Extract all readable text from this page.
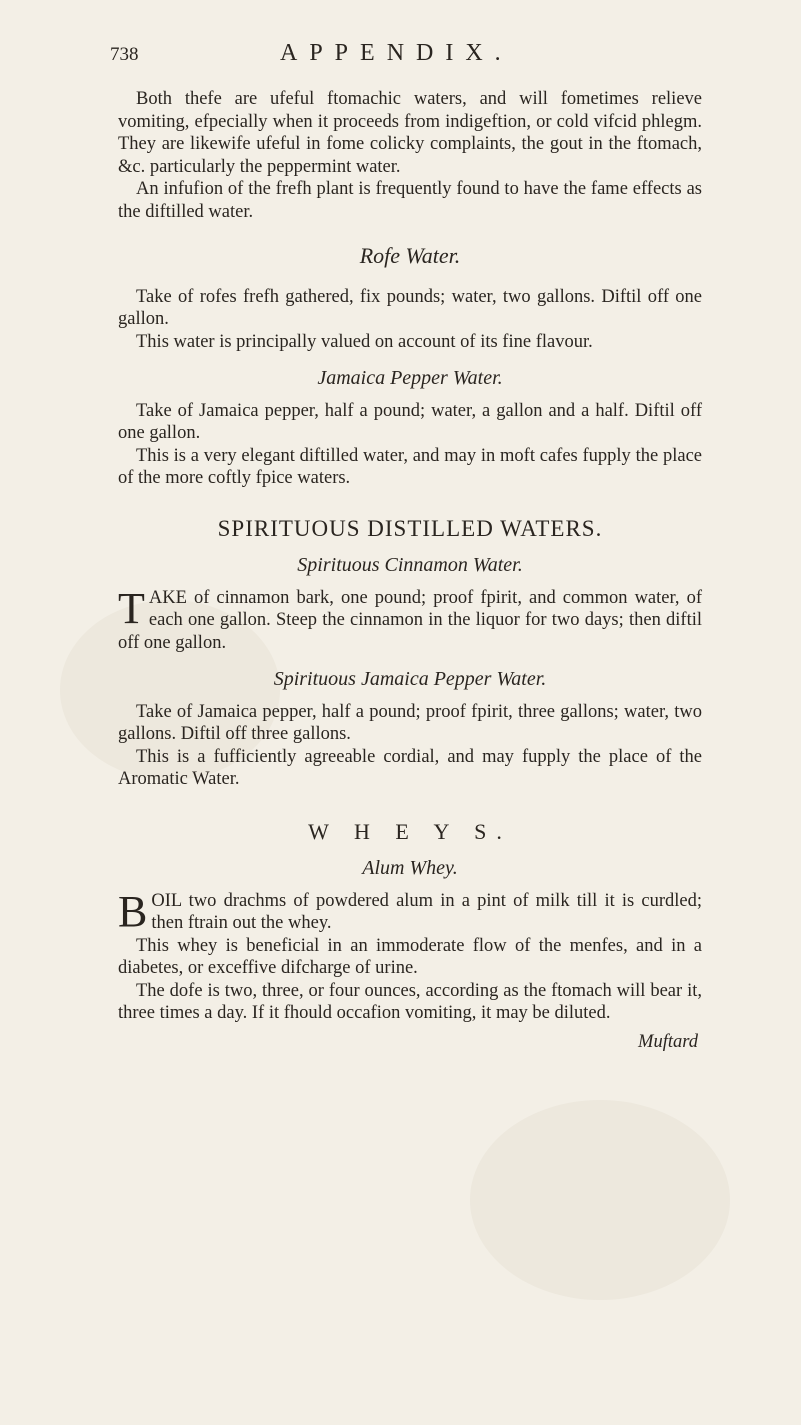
738	APPENDIX.

Both thefe are ufeful ftomachic waters, and will fometimes relieve vomiting, efpecially when it proceeds from indigeftion, or cold vifcid phlegm. They are likewife ufeful in fome colicky complaints, the gout in the ftomach, &c. particularly the peppermint water.

An infufion of the frefh plant is frequently found to have the fame effects as the diftilled water.

Rofe Water.

Take of rofes frefh gathered, fix pounds; water, two gallons. Diftil off one gallon.

This water is principally valued on account of its fine flavour.

Jamaica Pepper Water.

Take of Jamaica pepper, half a pound; water, a gallon and a half. Diftil off one gallon.

This is a very elegant diftilled water, and may in moft cafes fupply the place of the more coftly fpice waters.

SPIRITUOUS DISTILLED WATERS.
Spirituous Cinnamon Water.

T AKE of cinnamon bark, one pound; proof fpirit, and common water, of each one gallon. Steep the cinnamon in the liquor for two days; then diftil off one gallon.

Spirituous Jamaica Pepper Water.

Take of Jamaica pepper, half a pound; proof fpirit, three gallons; water, two gallons. Diftil off three gallons.

This is a fufficiently agreeable cordial, and may fupply the place of the Aromatic Water.

W H E Y S.
Alum Whey.

B OIL two drachms of powdered alum in a pint of milk till it is curdled; then ftrain out the whey.

This whey is beneficial in an immoderate flow of the menfes, and in a diabetes, or exceffive difcharge of urine.

The dofe is two, three, or four ounces, according as the ftomach will bear it, three times a day. If it fhould occafion vomiting, it may be diluted.

Muftard
